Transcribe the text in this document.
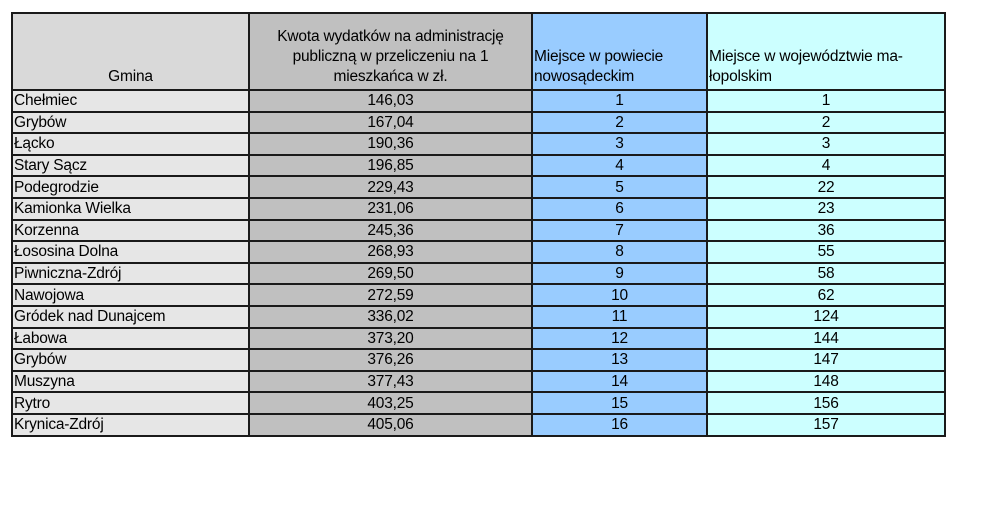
Gmina	Kwota wydatków na administrację publiczną w przeliczeniu na 1 mieszkańca w zł.	Miejsce w powiecie nowosądeckim	Miejsce w województwie ma-łopolskim
Chełmiec	146,03	1	1
Grybów	167,04	2	2
Łącko	190,36	3	3
Stary Sącz	196,85	4	4
Podegrodzie	229,43	5	22
Kamionka Wielka	231,06	6	23
Korzenna	245,36	7	36
Łososina Dolna	268,93	8	55
Piwniczna-Zdrój	269,50	9	58
Nawojowa	272,59	10	62
Gródek nad Dunajcem	336,02	11	124
Łabowa	373,20	12	144
Grybów	376,26	13	147
Muszyna	377,43	14	148
Rytro	403,25	15	156
Krynica-Zdrój	405,06	16	157
